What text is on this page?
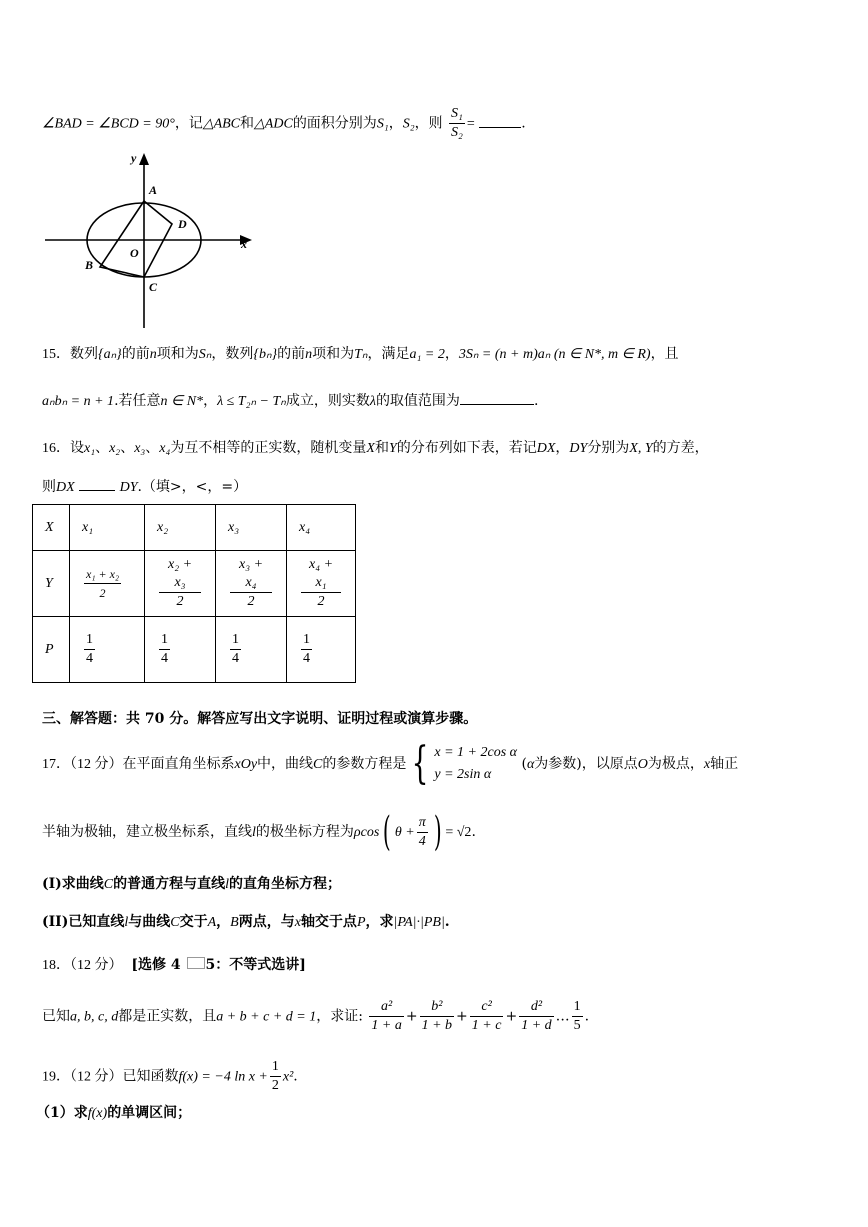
∠BAD = ∠BCD = 90°，记△ABC和△ADC的面积分别为S₁，S₂，则 $\frac{\text{S₁}}{\text{S₂}}$ =	.
y
x
A
D
O
B
C
15．数列{aₙ}的前n项和为Sₙ，数列{bₙ}的前n项和为Tₙ，满足a₁ = 2，3Sₙ = (n + m)aₙ (n ∈ N*, m ∈ R)，且
aₙbₙ = n + 1.若任意n ∈ N*，λ ≤ T₂ₙ − Tₙ成立，则实数λ的取值范围为	.
16．设x₁、x₂、x₃、x₄为互不相等的正实数，随机变量X和Y的分布列如下表，若记DX，DY分别为X, Y的方差，
则DX	DY.（填>，<，=）
X	x₁	x₂	x₃	x₄
Y	$\frac{\text{x₁ + x₂}}{2}$	$\frac{\text{x₂ + x₃}}{2}$	$\frac{\text{x₃ + x₄}}{2}$	$\frac{\text{x₄ + x₁}}{2}$

P	$\frac{1}{4}$	$\frac{1}{4}$	$\frac{1}{4}$	$\frac{1}{4}$
三、解答题：共 70 分。解答应写出文字说明、证明过程或演算步骤。
17．（12 分）在平面直角坐标系xOy中，曲线C的参数方程是 { x = 1 + 2cos α
y = 2sin α
(α为参数)，以原点O为极点，x轴正
半轴为极轴，建立极坐标系，直线l的极坐标方程为ρcos( $\theta + \frac{\pi}{4}$ ) = √2.
(I)求曲线C的普通方程与直线l的直角坐标方程；
(II)已知直线l与曲线C交于A，B两点，与x轴交于点P，求|PA|·|PB|.
18．（12 分） [选修 4 5：不等式选讲]
已知a, b, c, d都是正实数，且a + b + c + d = 1，求证: $\frac{\text{a²}}{1 + a} + \frac{\text{b²}}{1 + b} + \frac{\text{c²}}{1 + c} + \frac{\text{d²}}{1 + d}$ … $\frac{1}{5}$ .
19．（12 分）已知函数f(x) = −4 $\ln x + \frac{1}{2} x^2$.
（1）求f(x)的单调区间；
